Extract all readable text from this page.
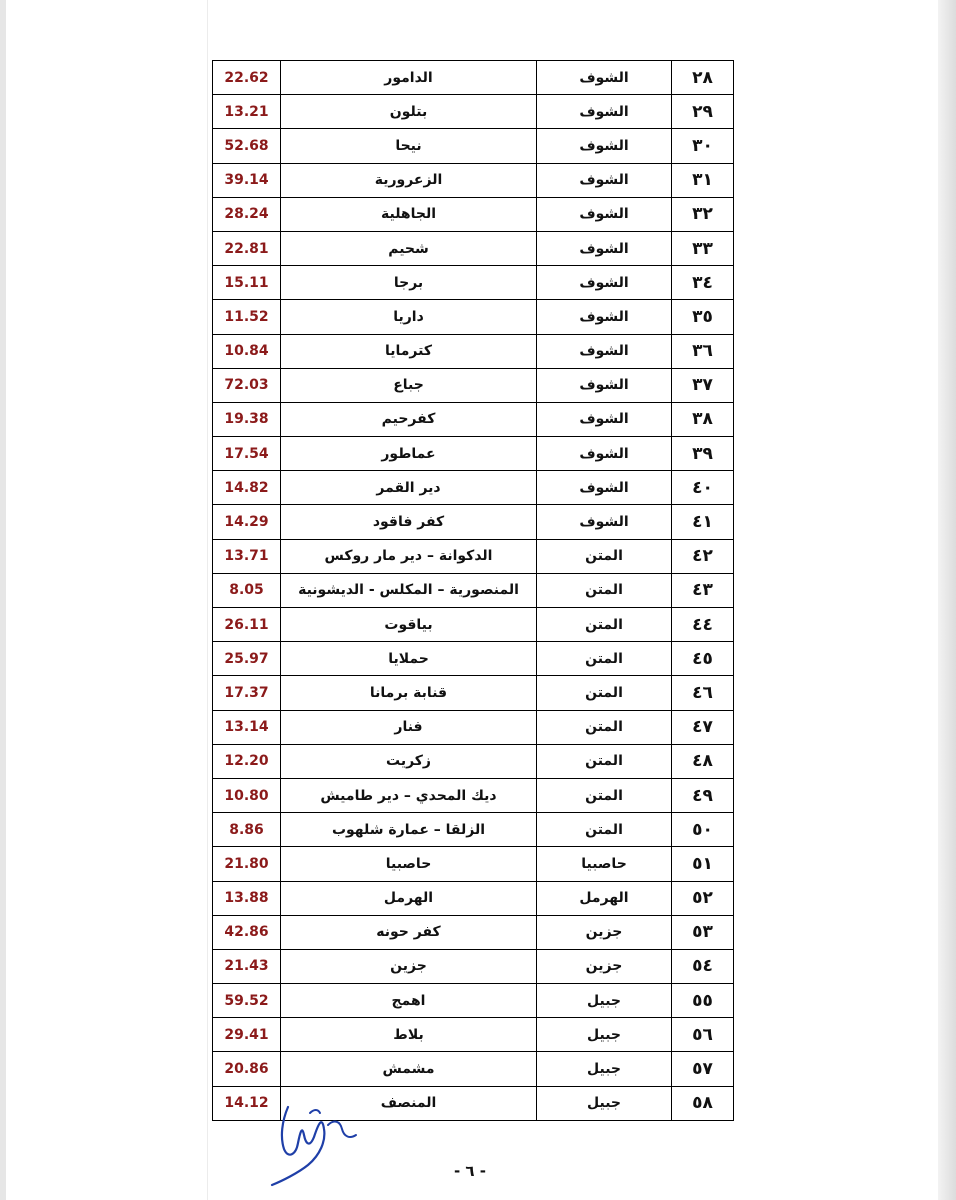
٢٨
الشوف
الدامور
22.62
٢٩
الشوف
بتلون
13.21
٣٠
الشوف
نيحا
52.68
٣١
الشوف
الزعرورية
39.14
٣٢
الشوف
الجاهلية
28.24
٣٣
الشوف
شحيم
22.81
٣٤
الشوف
برجا
15.11
٣٥
الشوف
داريا
11.52
٣٦
الشوف
كترمايا
10.84
٣٧
الشوف
جباع
72.03
٣٨
الشوف
كفرحيم
19.38
٣٩
الشوف
عماطور
17.54
٤٠
الشوف
دير القمر
14.82
٤١
الشوف
كفر فاقود
14.29
٤٢
المتن
الدكوانة – دير مار روكس
13.71
٤٣
المتن
المنصورية – المكلس - الديشونية
8.05
٤٤
المتن
بياقوت
26.11
٤٥
المتن
حملايا
25.97
٤٦
المتن
قنابة برمانا
17.37
٤٧
المتن
فنار
13.14
٤٨
المتن
زكريت
12.20
٤٩
المتن
ديك المحدي – دير طاميش
10.80
٥٠
المتن
الزلقا – عمارة شلهوب
8.86
٥١
حاصبيا
حاصبيا
21.80
٥٢
الهرمل
الهرمل
13.88
٥٣
جزين
كفر حونه
42.86
٥٤
جزين
جزين
21.43
٥٥
جبيل
اهمج
59.52
٥٦
جبيل
بلاط
29.41
٥٧
جبيل
مشمش
20.86
٥٨
جبيل
المنصف
14.12
- ٦ -
